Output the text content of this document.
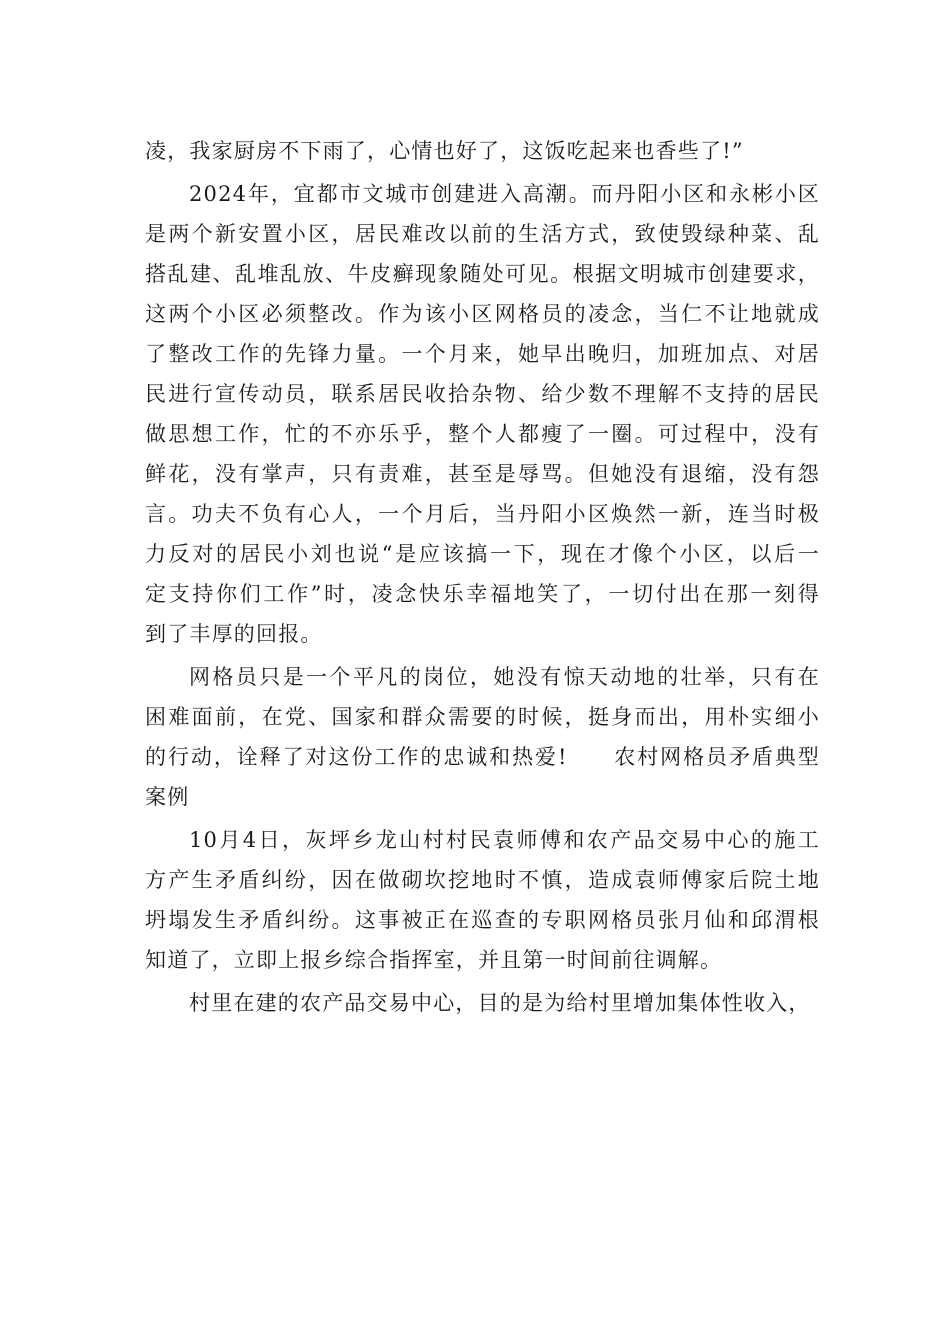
凌，我家厨房不下雨了，心情也好了，这饭吃起来也香些了!”
2024年，宜都市文城市创建进入高潮。而丹阳小区和永彬小区
是两个新安置小区，居民难改以前的生活方式，致使毁绿种菜、乱
搭乱建、乱堆乱放、牛皮癣现象随处可见。根据文明城市创建要求，
这两个小区必须整改。作为该小区网格员的凌念，当仁不让地就成
了整改工作的先锋力量。一个月来，她早出晚归，加班加点、对居
民进行宣传动员，联系居民收拾杂物、给少数不理解不支持的居民
做思想工作，忙的不亦乐乎，整个人都瘦了一圈。可过程中，没有
鲜花，没有掌声，只有责难，甚至是辱骂。但她没有退缩，没有怨
言。功夫不负有心人，一个月后，当丹阳小区焕然一新，连当时极
力反对的居民小刘也说“是应该搞一下，现在才像个小区，以后一
定支持你们工作”时，凌念快乐幸福地笑了，一切付出在那一刻得
到了丰厚的回报。
网格员只是一个平凡的岗位，她没有惊天动地的壮举，只有在
困难面前，在党、国家和群众需要的时候，挺身而出，用朴实细小
的行动，诠释了对这份工作的忠诚和热爱!　　农村网格员矛盾典型
案例
10月4日，灰坪乡龙山村村民袁师傅和农产品交易中心的施工
方产生矛盾纠纷，因在做砌坎挖地时不慎，造成袁师傅家后院土地
坍塌发生矛盾纠纷。这事被正在巡查的专职网格员张月仙和邱渭根
知道了，立即上报乡综合指挥室，并且第一时间前往调解。
村里在建的农产品交易中心，目的是为给村里增加集体性收入，
